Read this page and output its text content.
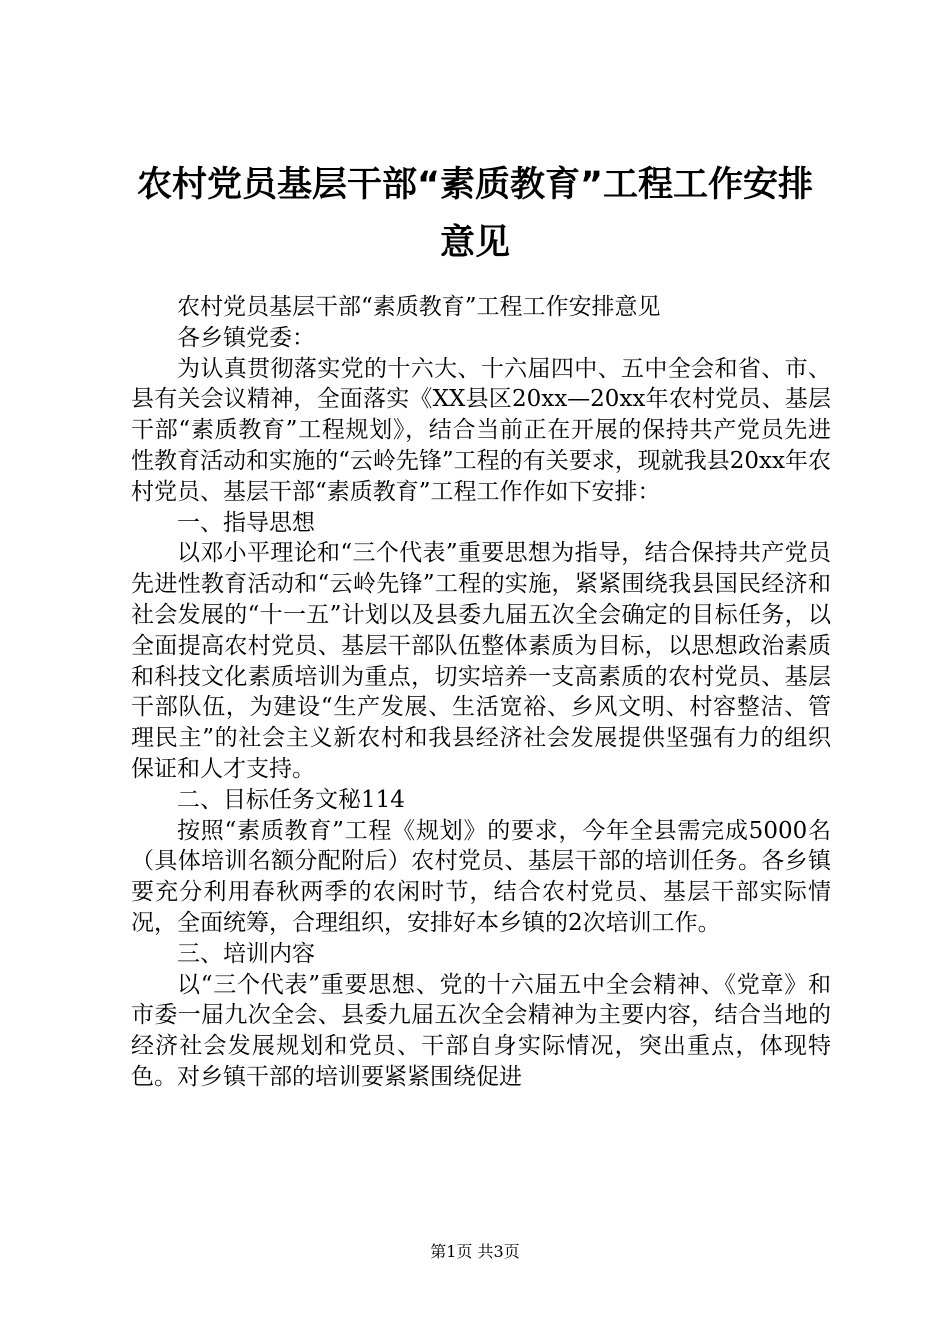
农村党员基层干部“素质教育”工程工作安排
意见

农村党员基层干部“素质教育”工程工作安排意见

各乡镇党委：

为认真贯彻落实党的十六大、十六届四中、五中全会和省、市、县有关会议精神，全面落实《XX县区20xx—20xx年农村党员、基层干部“素质教育”工程规划》，结合当前正在开展的保持共产党员先进性教育活动和实施的“云岭先锋”工程的有关要求，现就我县20xx年农村党员、基层干部“素质教育”工程工作作如下安排：

一、指导思想

以邓小平理论和“三个代表”重要思想为指导，结合保持共产党员先进性教育活动和“云岭先锋”工程的实施，紧紧围绕我县国民经济和社会发展的“十一五”计划以及县委九届五次全会确定的目标任务，以全面提高农村党员、基层干部队伍整体素质为目标，以思想政治素质和科技文化素质培训为重点，切实培养一支高素质的农村党员、基层干部队伍，为建设“生产发展、生活宽裕、乡风文明、村容整洁、管理民主”的社会主义新农村和我县经济社会发展提供坚强有力的组织保证和人才支持。

二、目标任务文秘114

按照“素质教育”工程《规划》的要求，今年全县需完成5000名（具体培训名额分配附后）农村党员、基层干部的培训任务。各乡镇要充分利用春秋两季的农闲时节，结合农村党员、基层干部实际情况，全面统筹，合理组织，安排好本乡镇的2次培训工作。

三、培训内容

以“三个代表”重要思想、党的十六届五中全会精神、《党章》和市委一届九次全会、县委九届五次全会精神为主要内容，结合当地的经济社会发展规划和党员、干部自身实际情况，突出重点，体现特色。对乡镇干部的培训要紧紧围绕促进

第1页 共3页
